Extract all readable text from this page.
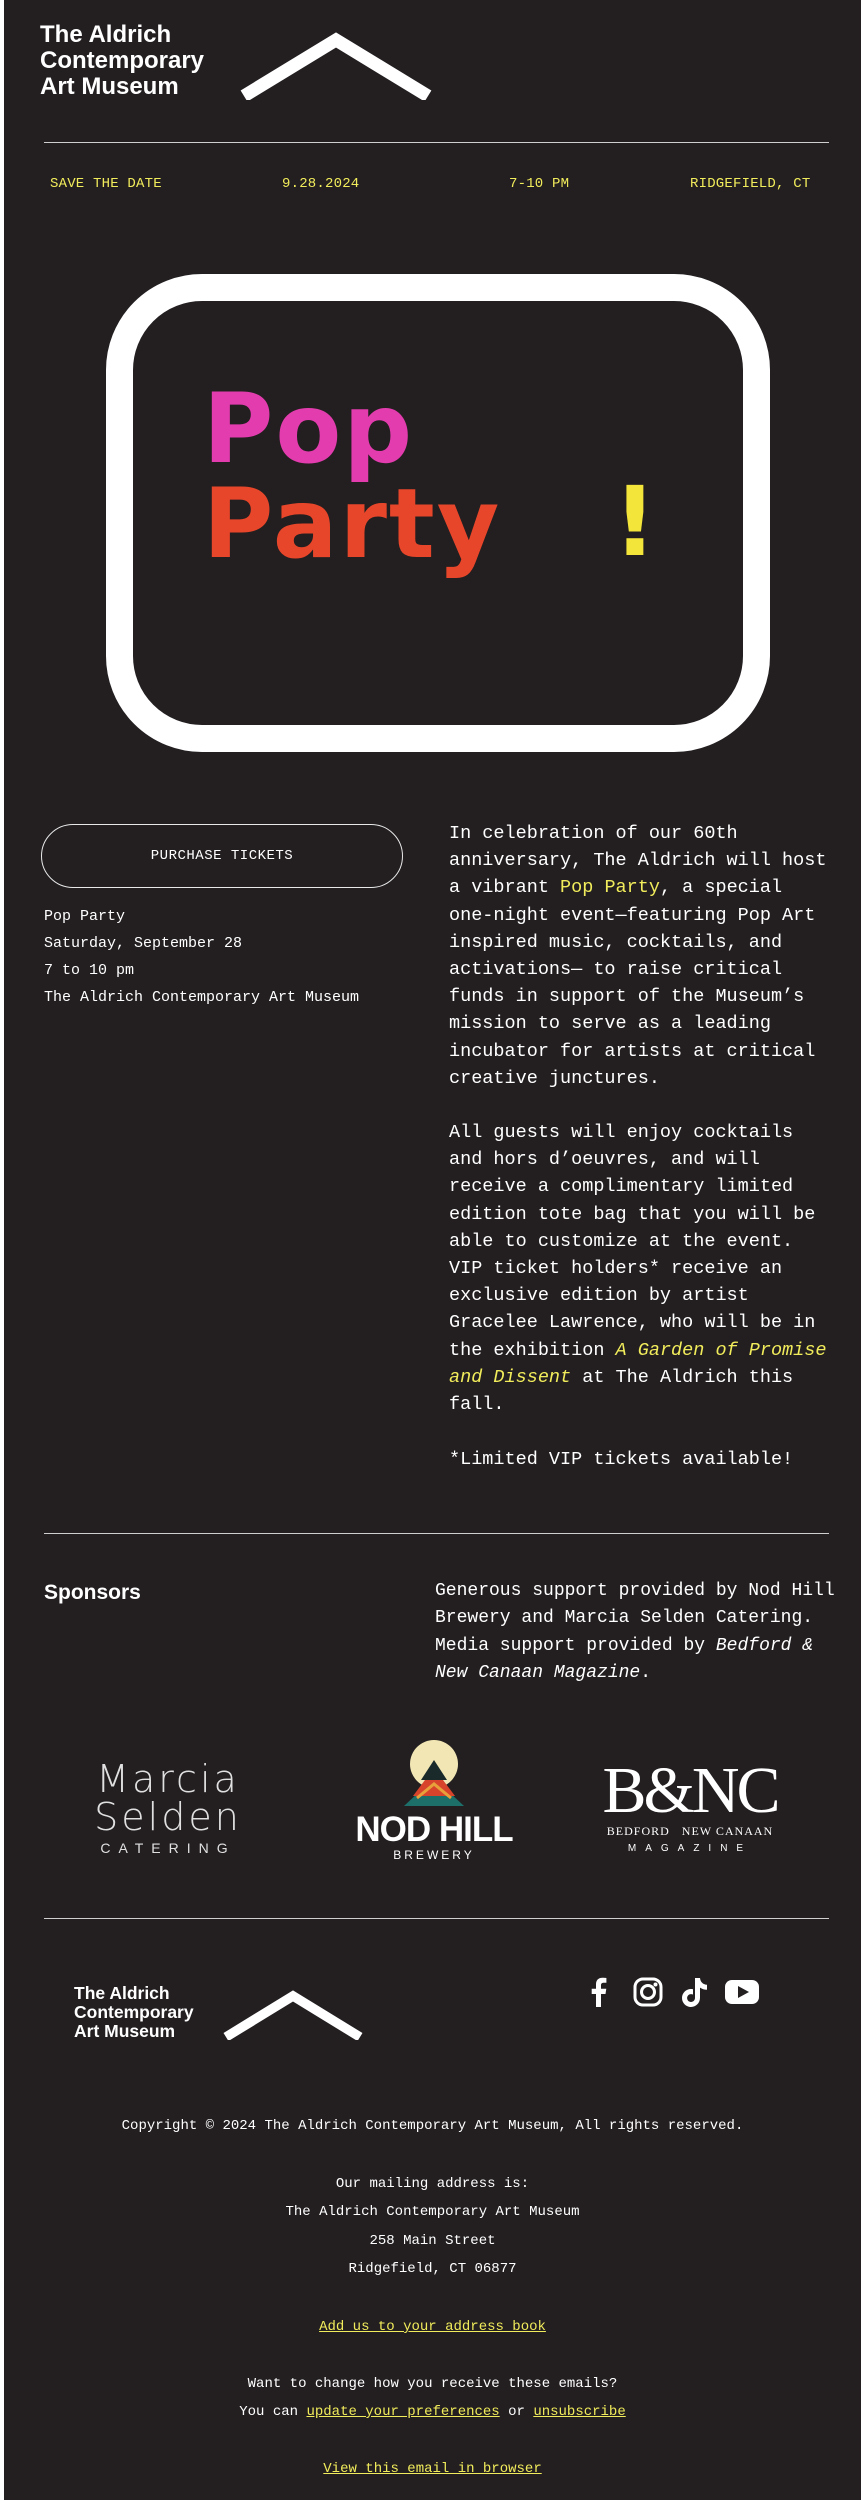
The Aldrich
Contemporary
Art Museum
SAVE THE DATE	9.28.2024	7-10 PM	RIDGEFIELD, CT
Pop
Party !
PURCHASE TICKETS
Pop Party
Saturday, September 28
7 to 10 pm
The Aldrich Contemporary Art Museum

In celebration of our 60th anniversary, The Aldrich will host a vibrant Pop Party, a special one-night event—featuring Pop Art inspired music, cocktails, and activations— to raise critical funds in support of the Museum’s mission to serve as a leading incubator for artists at critical creative junctures.

All guests will enjoy cocktails and hors d’oeuvres, and will receive a complimentary limited edition tote bag that you will be able to customize at the event. VIP ticket holders* receive an exclusive edition by artist Gracelee Lawrence, who will be in the exhibition A Garden of Promise and Dissent at The Aldrich this fall.

*Limited VIP tickets available!
Sponsors	Generous support provided by Nod Hill Brewery and Marcia Selden Catering. Media support provided by Bedford & New Canaan Magazine.
Marcia
Selden
CATERING	NOD HILL
BREWERY
B&NC
BEDFORD   NEW CANAAN
MAGAZINE
The Aldrich
Contemporary
Art Museum
Copyright © 2024 The Aldrich Contemporary Art Museum, All rights reserved.
Our mailing address is:
The Aldrich Contemporary Art Museum
258 Main Street
Ridgefield, CT 06877
Add us to your address book
Want to change how you receive these emails?
You can update your preferences or unsubscribe
View this email in browser
